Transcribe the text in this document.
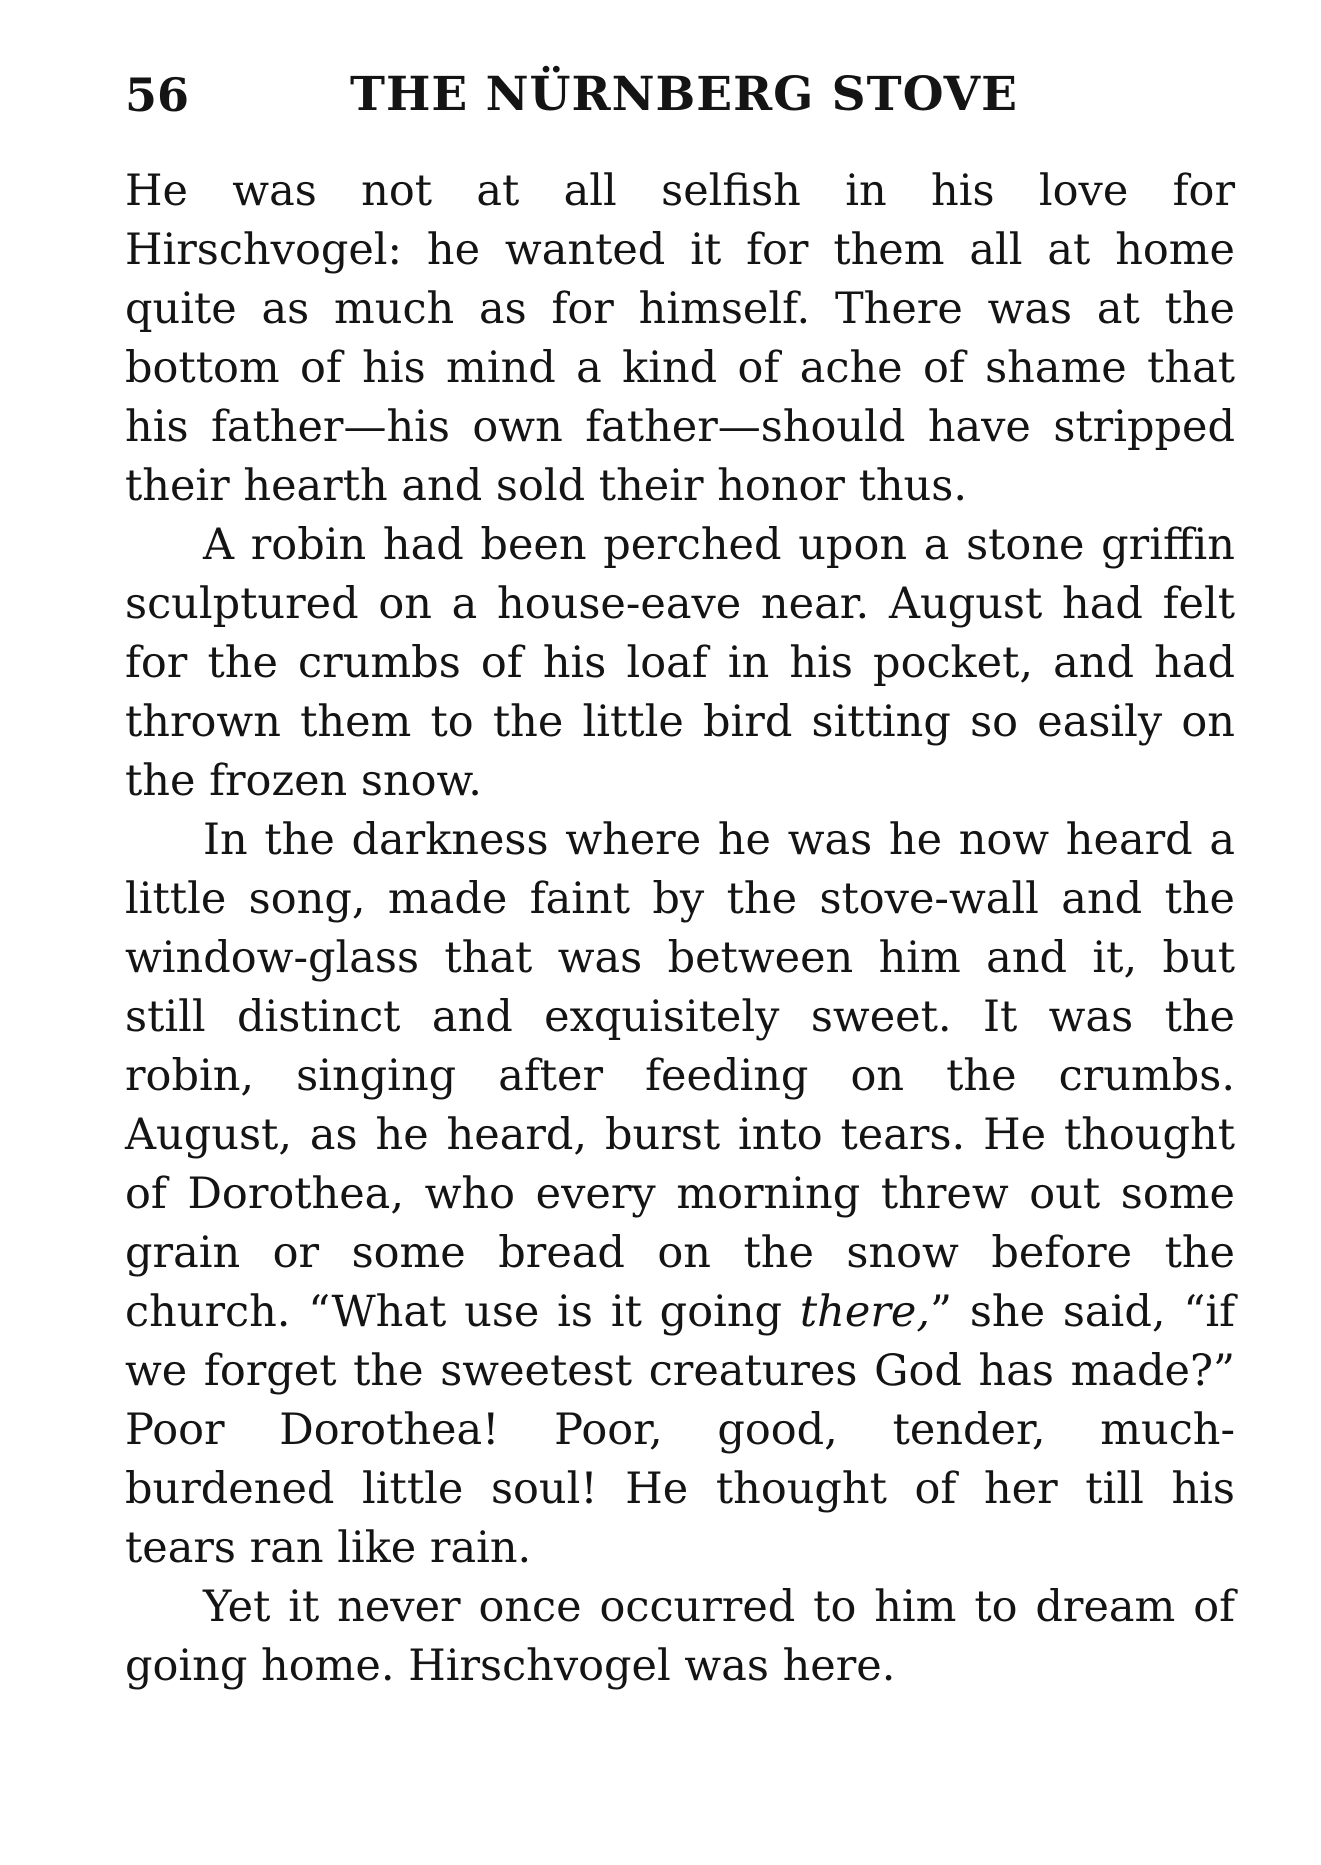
56	THE NÜRNBERG STOVE

He was not at all selfish in his love for Hirschvogel: he wanted it for them all at home quite as much as for himself. There was at the bottom of his mind a kind of ache of shame that his father—his own father—should have stripped their hearth and sold their honor thus.

A robin had been perched upon a stone griffin sculptured on a house-eave near. August had felt for the crumbs of his loaf in his pocket, and had thrown them to the little bird sitting so easily on the frozen snow.

In the darkness where he was he now heard a little song, made faint by the stove-wall and the window-glass that was between him and it, but still distinct and exquisitely sweet. It was the robin, singing after feeding on the crumbs. August, as he heard, burst into tears. He thought of Dorothea, who every morning threw out some grain or some bread on the snow before the church. “What use is it going there,” she said, “if we forget the sweetest creatures God has made?” Poor Dorothea! Poor, good, tender, much-burdened little soul! He thought of her till his tears ran like rain.

Yet it never once occurred to him to dream of going home. Hirschvogel was here.
